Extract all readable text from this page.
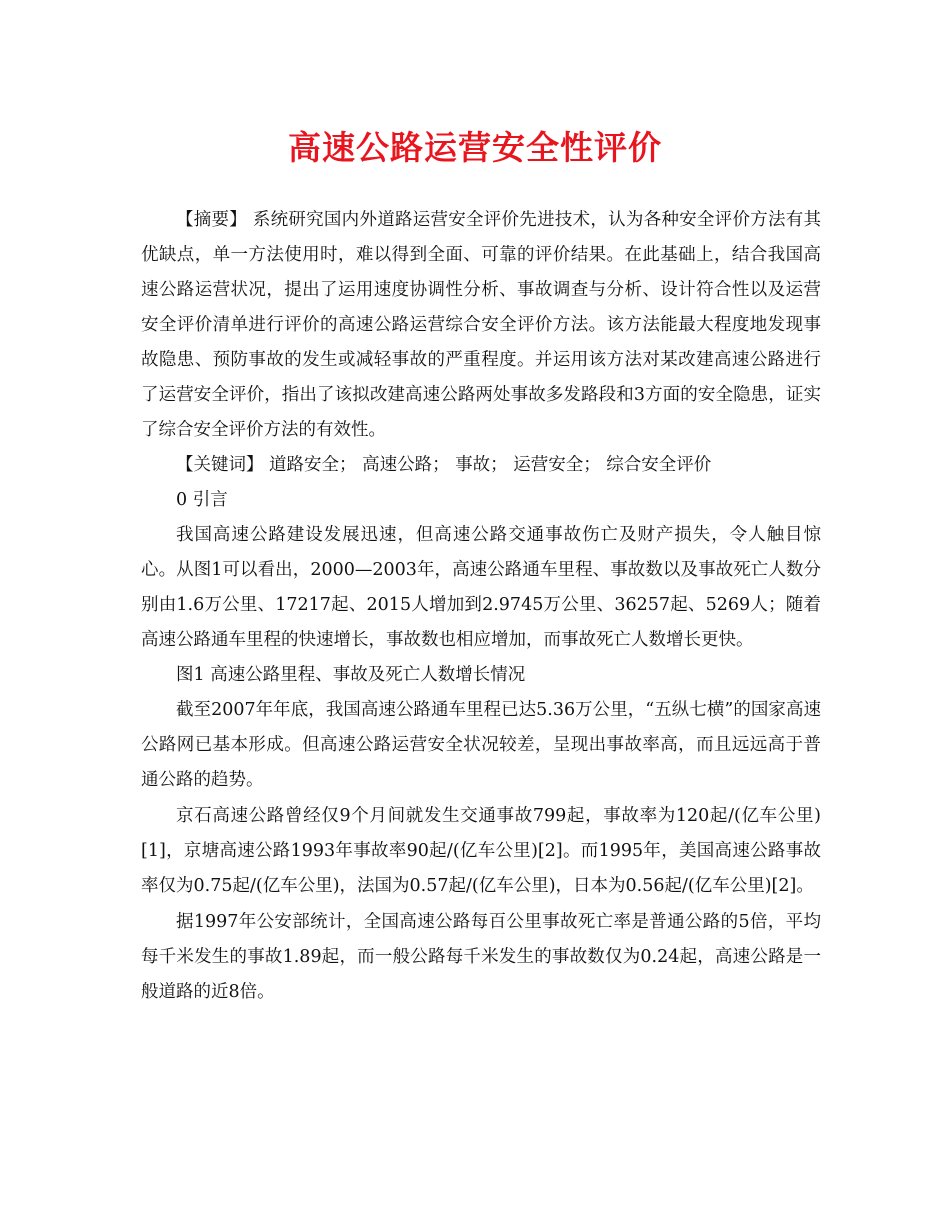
高速公路运营安全性评价

【摘要】 系统研究国内外道路运营安全评价先进技术，认为各种安全评价方法有其优缺点，单一方法使用时，难以得到全面、可靠的评价结果。在此基础上，结合我国高速公路运营状况，提出了运用速度协调性分析、事故调查与分析、设计符合性以及运营安全评价清单进行评价的高速公路运营综合安全评价方法。该方法能最大程度地发现事故隐患、预防事故的发生或减轻事故的严重程度。并运用该方法对某改建高速公路进行了运营安全评价，指出了该拟改建高速公路两处事故多发路段和3方面的安全隐患，证实了综合安全评价方法的有效性。

【关键词】 道路安全； 高速公路； 事故； 运营安全； 综合安全评价

0 引言

我国高速公路建设发展迅速，但高速公路交通事故伤亡及财产损失，令人触目惊心。从图1可以看出，2000—2003年，高速公路通车里程、事故数以及事故死亡人数分别由1.6万公里、17217起、2015人增加到2.9745万公里、36257起、5269人；随着高速公路通车里程的快速增长，事故数也相应增加，而事故死亡人数增长更快。

图1 高速公路里程、事故及死亡人数增长情况

截至2007年年底，我国高速公路通车里程已达5.36万公里，“五纵七横”的国家高速公路网已基本形成。但高速公路运营安全状况较差，呈现出事故率高，而且远远高于普通公路的趋势。

京石高速公路曾经仅9个月间就发生交通事故799起，事故率为120起/(亿车公里)[1]，京塘高速公路1993年事故率90起/(亿车公里)[2]。而1995年，美国高速公路事故率仅为0.75起/(亿车公里)，法国为0.57起/(亿车公里)，日本为0.56起/(亿车公里)[2]。

据1997年公安部统计，全国高速公路每百公里事故死亡率是普通公路的5倍，平均每千米发生的事故1.89起，而一般公路每千米发生的事故数仅为0.24起，高速公路是一般道路的近8倍。
